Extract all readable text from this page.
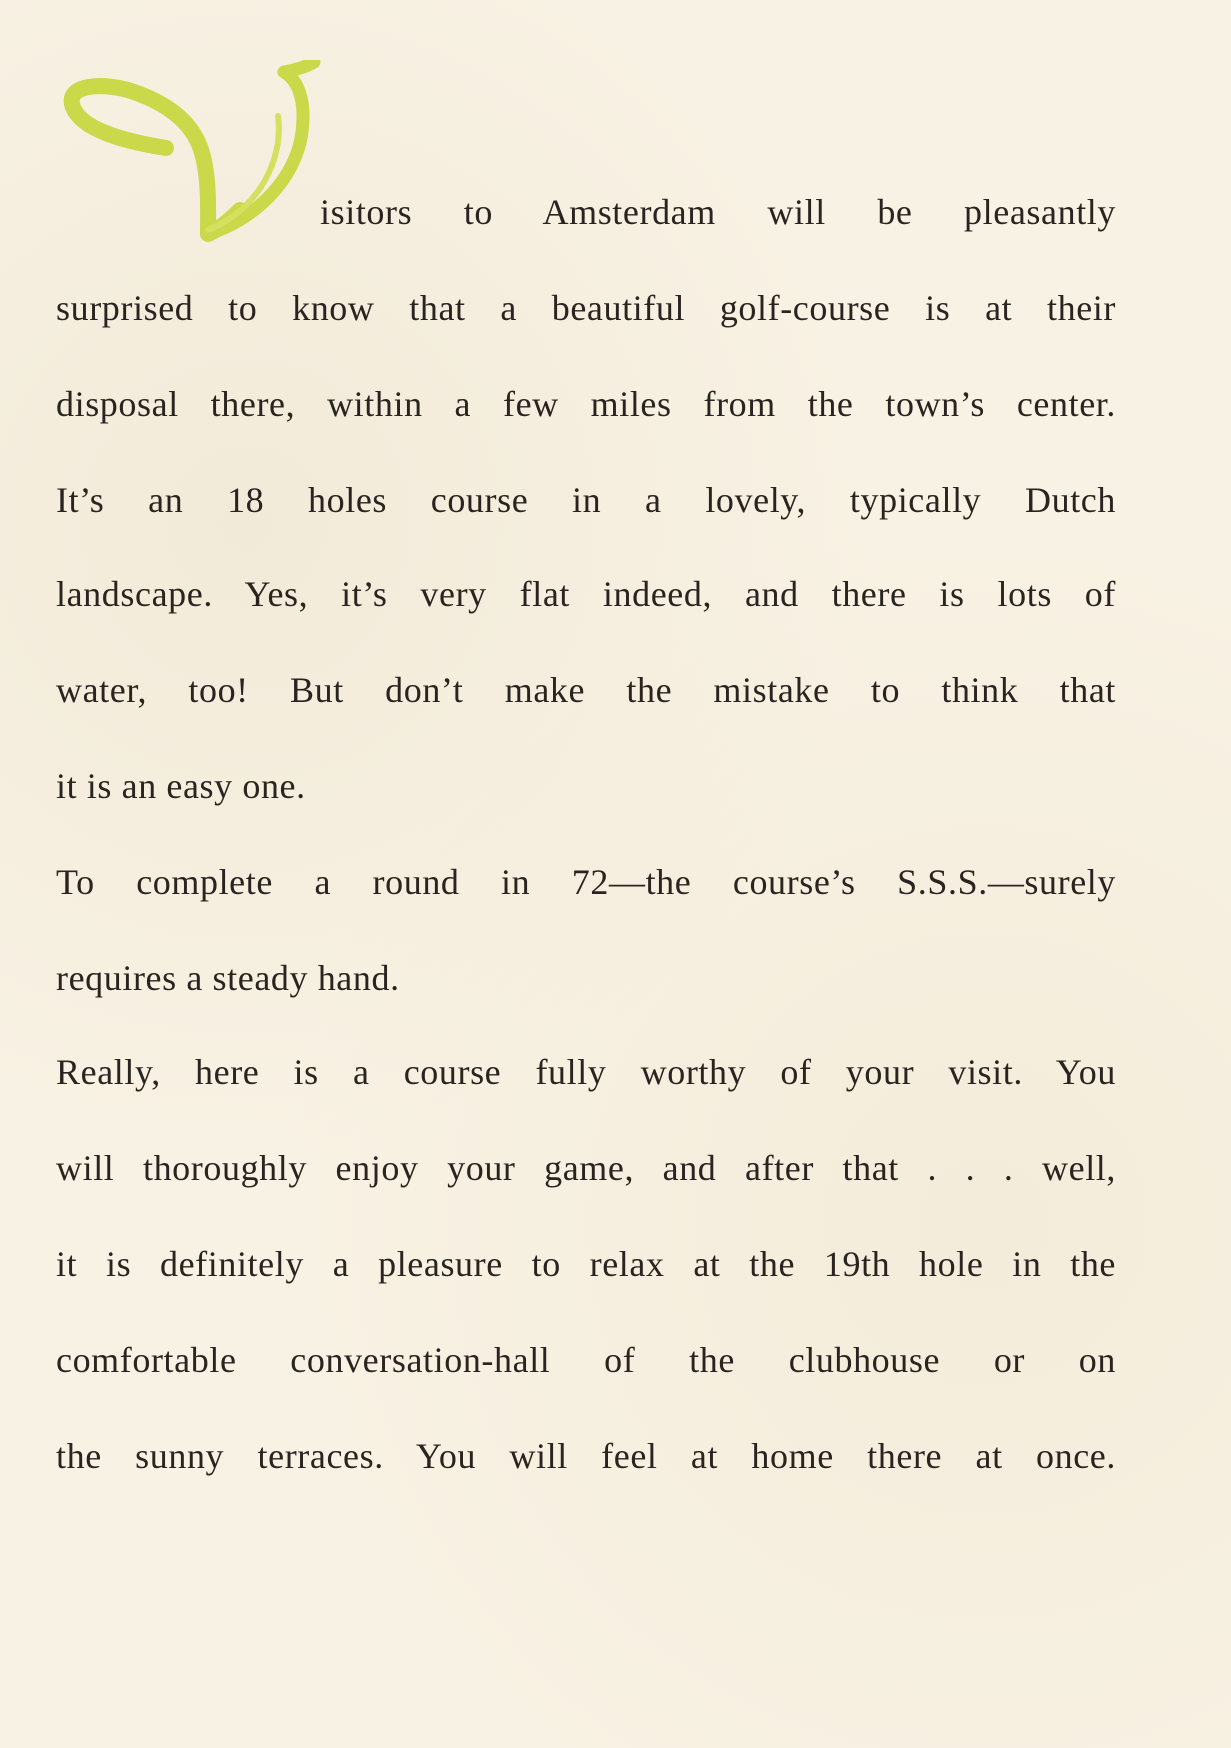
isitors to Amsterdam will be pleasantly
surprised to know that a beautiful golf-course is at their
disposal there, within a few miles from the town’s center.
It’s an 18 holes course in a lovely, typically Dutch
landscape. Yes, it’s very flat indeed, and there is lots of
water, too! But don’t make the mistake to think that
it is an easy one.
To complete a round in 72—the course’s S.S.S.—surely
requires a steady hand.
Really, here is a course fully worthy of your visit. You
will thoroughly enjoy your game, and after that . . . well,
it is definitely a pleasure to relax at the 19th hole in the
comfortable conversation-hall of the clubhouse or on
the sunny terraces. You will feel at home there at once.
